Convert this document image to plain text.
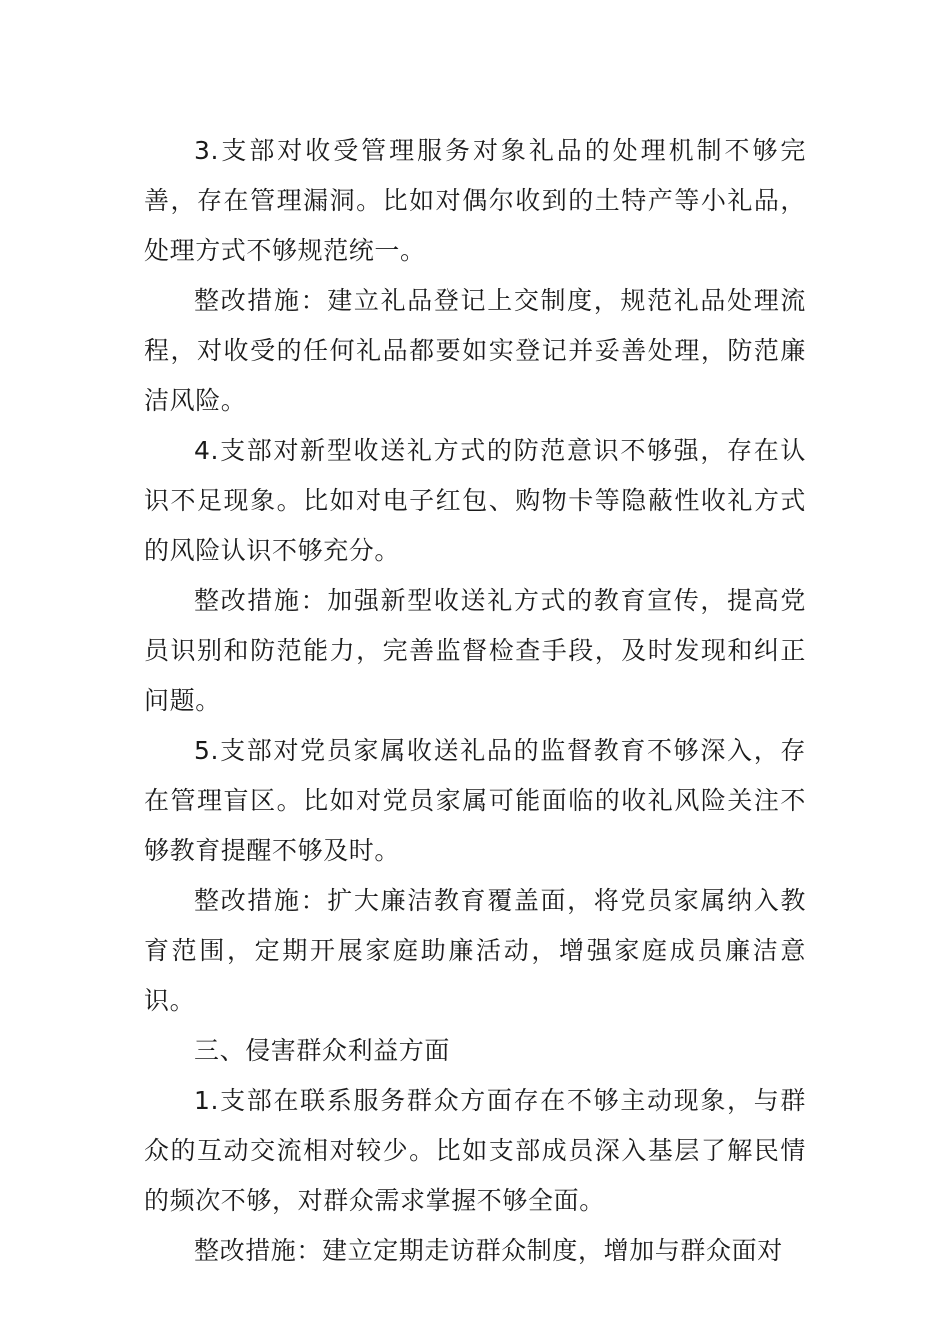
3.支部对收受管理服务对象礼品的处理机制不够完善，存在管理漏洞。比如对偶尔收到的土特产等小礼品，处理方式不够规范统一。

整改措施：建立礼品登记上交制度，规范礼品处理流程，对收受的任何礼品都要如实登记并妥善处理，防范廉洁风险。

4.支部对新型收送礼方式的防范意识不够强，存在认识不足现象。比如对电子红包、购物卡等隐蔽性收礼方式的风险认识不够充分。

整改措施：加强新型收送礼方式的教育宣传，提高党员识别和防范能力，完善监督检查手段，及时发现和纠正问题。

5.支部对党员家属收送礼品的监督教育不够深入，存在管理盲区。比如对党员家属可能面临的收礼风险关注不够教育提醒不够及时。

整改措施：扩大廉洁教育覆盖面，将党员家属纳入教育范围，定期开展家庭助廉活动，增强家庭成员廉洁意识。

三、侵害群众利益方面

1.支部在联系服务群众方面存在不够主动现象，与群众的互动交流相对较少。比如支部成员深入基层了解民情的频次不够，对群众需求掌握不够全面。

整改措施：建立定期走访群众制度，增加与群众面对
